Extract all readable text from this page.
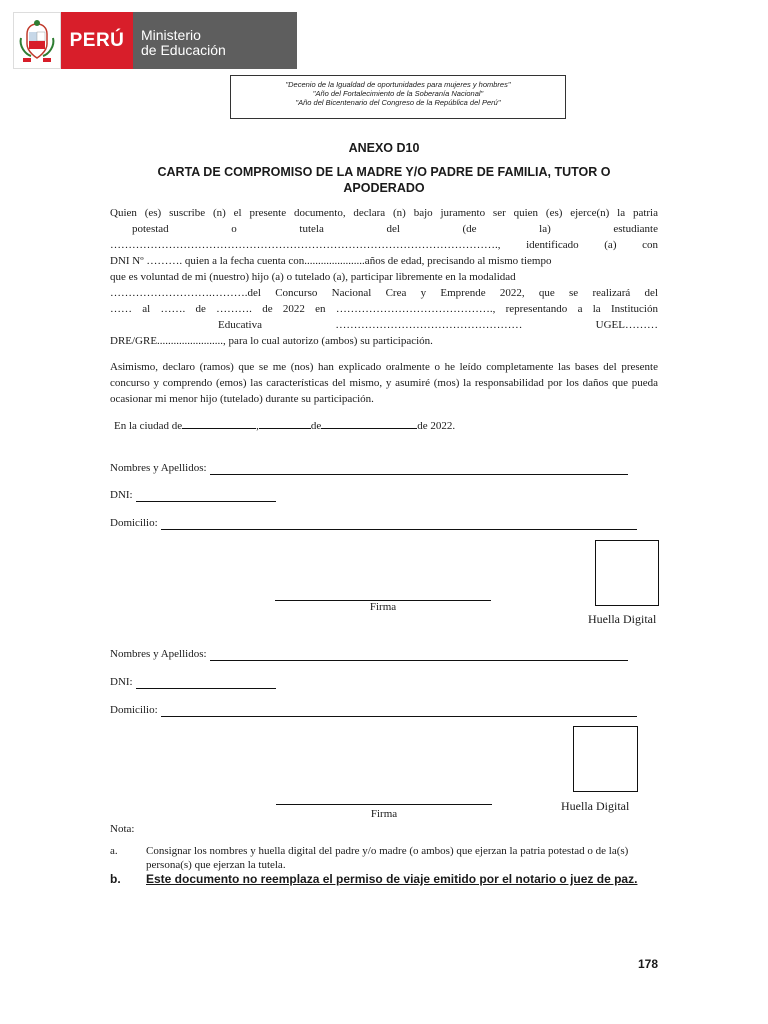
PERÚ	Ministerio
de Educación
"Decenio de la Igualdad de oportunidades para mujeres y hombres"
"Año del Fortalecimiento de la Soberanía Nacional"
"Año del Bicentenario del Congreso de la República del Perú"
ANEXO D10
CARTA DE COMPROMISO DE LA MADRE Y/O PADRE DE FAMILIA, TUTOR O APODERADO
Quien (es) suscribe (n) el presente documento, declara (n) bajo juramento ser quien (es) ejerce(n) la patria
potestad o tutela del (de la) estudiante
……………………………………………………………………………………………., identificado (a) con
DNI Nº ………. quien a la fecha cuenta con......................años de edad, precisando al mismo tiempo
que es voluntad de mi (nuestro) hijo (a) o tutelado (a), participar libremente en la modalidad
……………………….……….del Concurso Nacional Crea y Emprende 2022, que se realizará del
…… al ……. de ………. de 2022 en ……………………………………., representando a la Institución
Educativa …………………………………………… UGEL………
DRE/GRE........................, para lo cual autorizo (ambos) su participación.
Asimismo, declaro (ramos) que se me (nos) han explicado oralmente o he leído completamente las bases del presente concurso y comprendo (emos) las características del mismo, y asumiré (mos) la responsabilidad por los daños que pueda ocasionar mi menor hijo (tutelado) durante su participación.
En la ciudad de	,	de	de 2022.
Nombres y Apellidos:
DNI:
Domicilio:
Firma
Huella Digital
Nombres y Apellidos:
DNI:
Domicilio:
Firma
Huella Digital
Nota:
a.	Consignar los nombres y huella digital del padre y/o madre (o ambos) que ejerzan la patria potestad o de la(s) persona(s) que ejerzan la tutela.
b.	Este documento no reemplaza el permiso de viaje emitido por el notario o juez de paz.
178
